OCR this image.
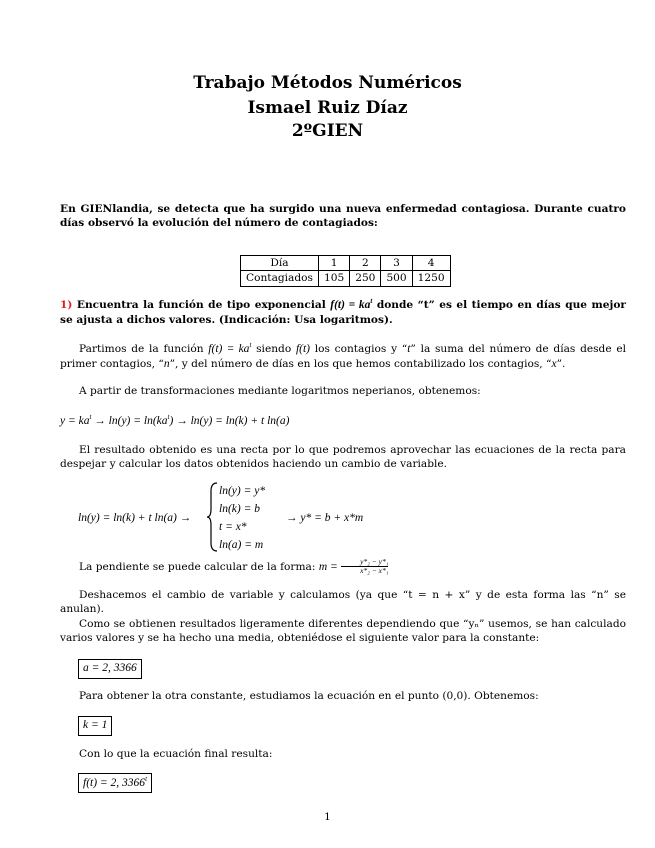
Trabajo Métodos Numéricos
Ismael Ruiz Díaz
2ºGIEN
En GIENlandia, se detecta que ha surgido una nueva enfermedad contagiosa. Durante cuatro días observó la evolución del número de contagiados:
Día	1	2	3	4
Contagiados	105	250	500	1250
1) Encuentra la función de tipo exponencial $f(t) = ka^t$ donde “t” es el tiempo en días que mejor se ajusta a dichos valores. (Indicación: Usa logaritmos).
Partimos de la función $f(t) = ka^t$ siendo f(t) los contagios y “t” la suma del número de días desde el primer contagios, “n”, y del número de días en los que hemos contabilizado los contagios, “x”.
A partir de transformaciones mediante logaritmos neperianos, obtenemos:
$y = ka^t \to \ln(y) = \ln(ka^t) \to \ln(y) = \ln(k) + t$ ln(a)
El resultado obtenido es una recta por lo que podremos aprovechar las ecuaciones de la recta para despejar y calcular los datos obtenidos haciendo un cambio de variable.
ln(y) = ln(k) + t ln(a) →
ln(y) = y*
ln(k) = b
t = x*
ln(a) = m
→ y* = b + x*m
La pendiente se puede calcular de la forma: $m = \frac{\text{y*₂ − y*₁}}{\text{x*₂ − x*₁}}$
Deshacemos el cambio de variable y calculamos (ya que “t = n + x” y de esta forma las “n” se anulan).
Como se obtienen resultados ligeramente diferentes dependiendo que “yₙ” usemos, se han calculado varios valores y se ha hecho una media, obteniédose el siguiente valor para la constante:
a = 2, 3366
Para obtener la otra constante, estudiamos la ecuación en el punto (0,0). Obtenemos:
k = 1
Con lo que la ecuación final resulta:
f(t) = 2, 3366$^t$
1
